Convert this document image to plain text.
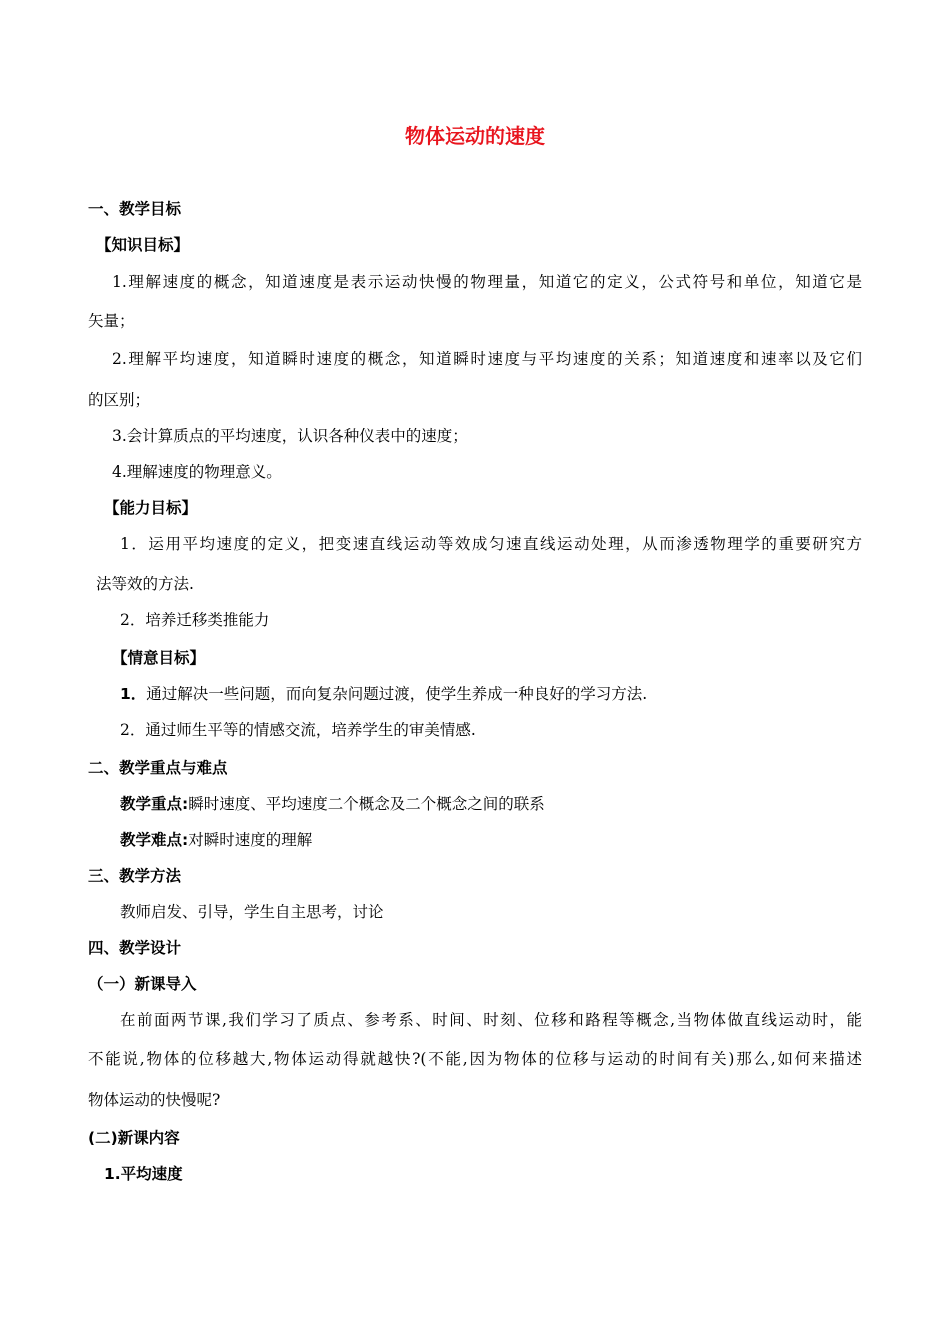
物体运动的速度
一、教学目标
【知识目标】
1.理解速度的概念，知道速度是表示运动快慢的物理量，知道它的定义，公式符号和单位，知道它是
矢量；
2.理解平均速度，知道瞬时速度的概念，知道瞬时速度与平均速度的关系；知道速度和速率以及它们
的区别；
3.会计算质点的平均速度，认识各种仪表中的速度；
4.理解速度的物理意义。
【能力目标】
1．运用平均速度的定义，把变速直线运动等效成匀速直线运动处理，从而渗透物理学的重要研究方
法等效的方法.
2．培养迁移类推能力
【情意目标】
1．通过解决一些问题，而向复杂问题过渡，使学生养成一种良好的学习方法.
2．通过师生平等的情感交流，培养学生的审美情感.
二、教学重点与难点
教学重点:瞬时速度、平均速度二个概念及二个概念之间的联系
教学难点:对瞬时速度的理解
三、教学方法
教师启发、引导，学生自主思考，讨论
四、教学设计
（一）新课导入
在前面两节课,我们学习了质点、参考系、时间、时刻、位移和路程等概念,当物体做直线运动时，能
不能说,物体的位移越大,物体运动得就越快?(不能,因为物体的位移与运动的时间有关)那么,如何来描述
物体运动的快慢呢?
(二)新课内容
1.平均速度
